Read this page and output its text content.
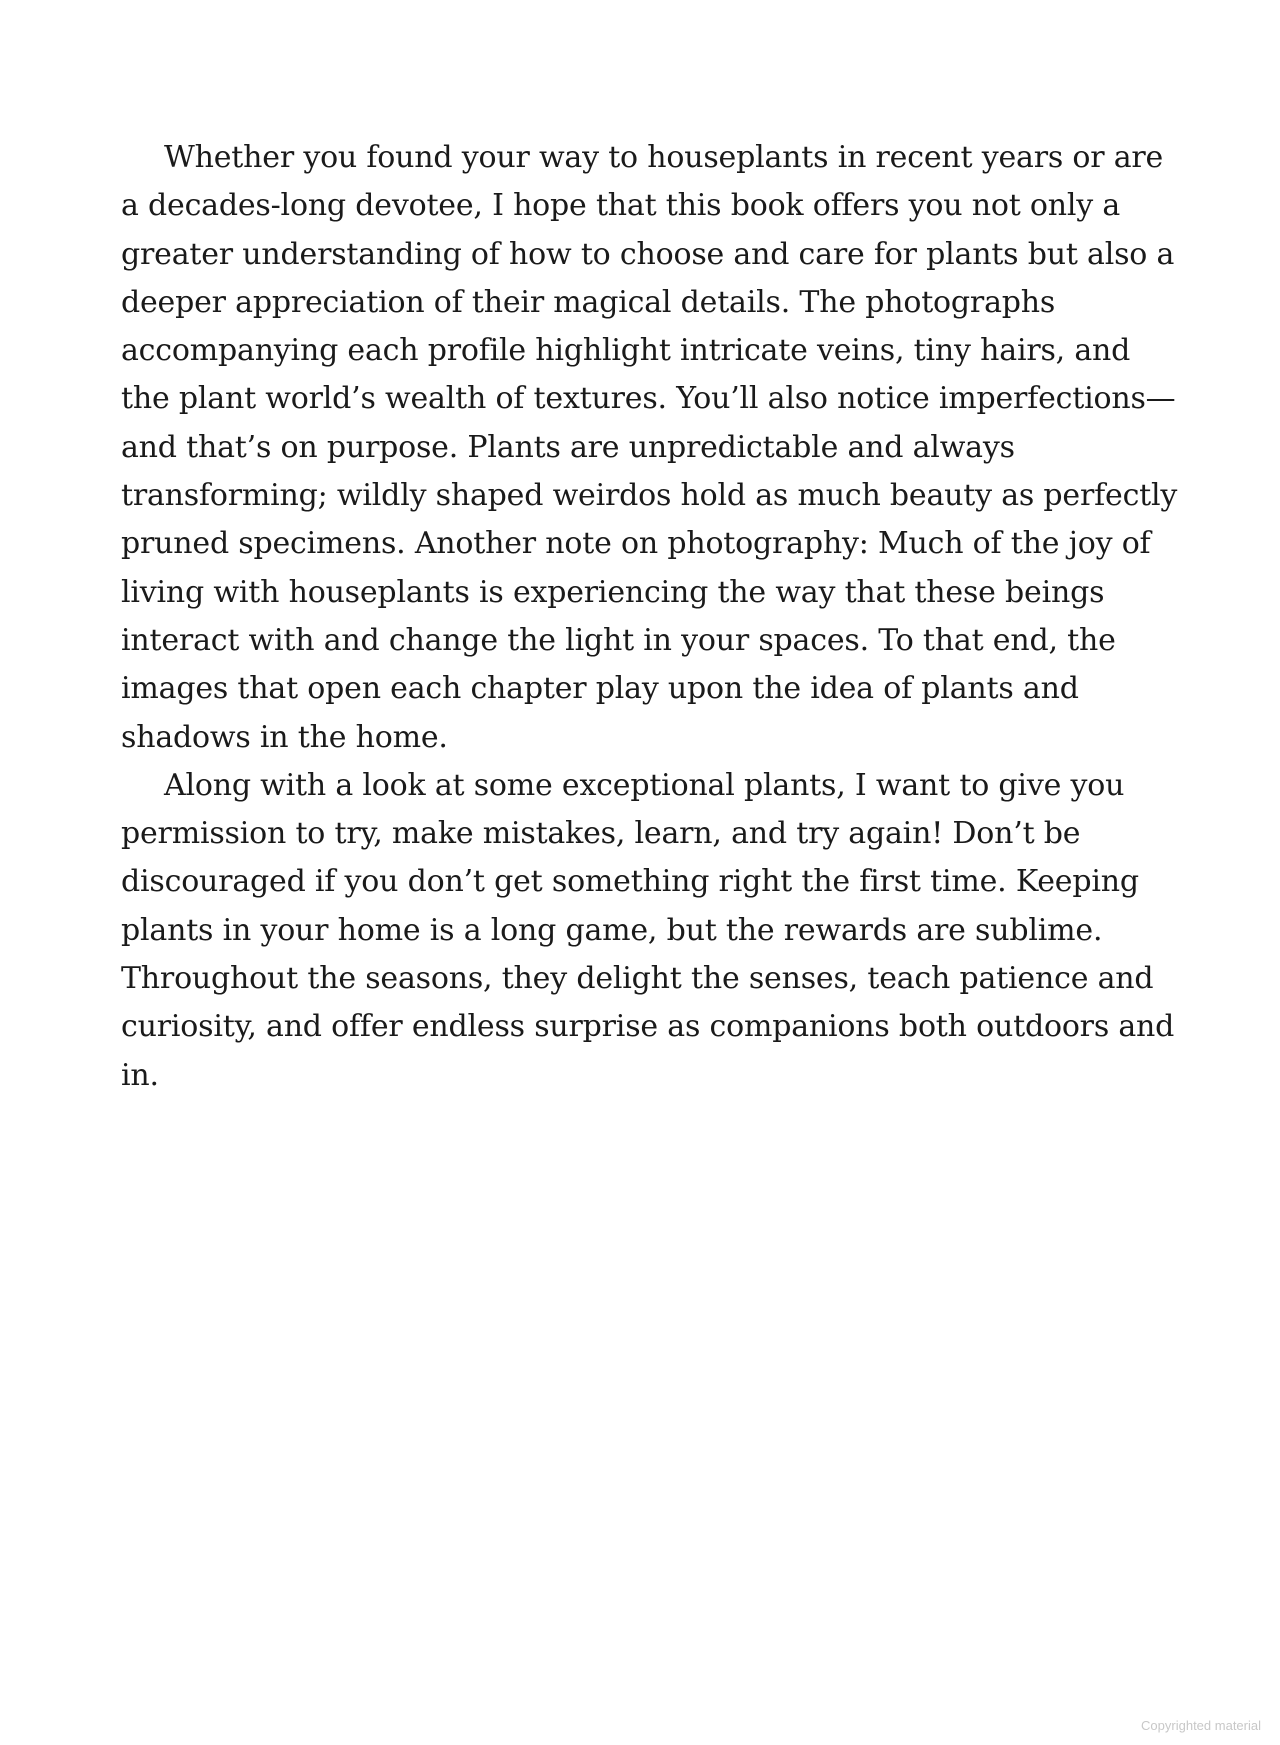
Whether you found your way to houseplants in recent years or are
a decades-long devotee, I hope that this book offers you not only a
greater understanding of how to choose and care for plants but also a
deeper appreciation of their magical details. The photographs
accompanying each profile highlight intricate veins, tiny hairs, and
the plant world’s wealth of textures. You’ll also notice imperfections—
and that’s on purpose. Plants are unpredictable and always
transforming; wildly shaped weirdos hold as much beauty as perfectly
pruned specimens. Another note on photography: Much of the joy of
living with houseplants is experiencing the way that these beings
interact with and change the light in your spaces. To that end, the
images that open each chapter play upon the idea of plants and
shadows in the home.

Along with a look at some exceptional plants, I want to give you
permission to try, make mistakes, learn, and try again! Don’t be
discouraged if you don’t get something right the first time. Keeping
plants in your home is a long game, but the rewards are sublime.
Throughout the seasons, they delight the senses, teach patience and
curiosity, and offer endless surprise as companions both outdoors and
in.

Copyrighted material
